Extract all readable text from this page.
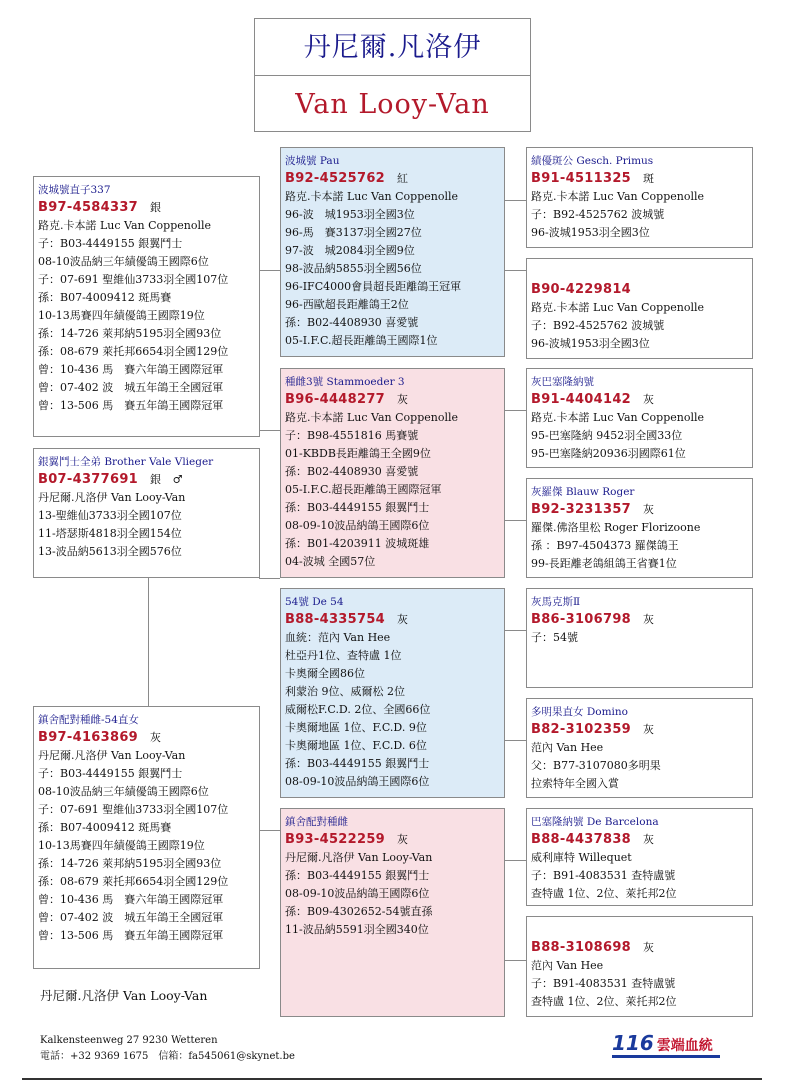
丹尼爾.凡洛伊
Van Looy-Van
波城號直子337
B97-4584337 銀
路克.卡本諾 Luc Van Coppenolle
子：B03-4449155 銀翼鬥士
08-10波品納三年績優鴿王國際6位
子：07-691 聖維仙3733羽全國107位
孫：B07-4009412 斑馬賽
10-13馬賽四年績優鴿王國際19位
孫：14-726 萊邦納5195羽全國93位
孫：08-679 萊托邦6654羽全國129位
曾：10-436 馬　賽六年鴿王國際冠軍
曾：07-402 波　城五年鴿王全國冠軍
曾：13-506 馬　賽五年鴿王國際冠軍
銀翼鬥士全弟 Brother Vale Vlieger
B07-4377691 銀　♂
丹尼爾.凡洛伊 Van Looy-Van
13-聖維仙3733羽全國107位
11-塔瑟斯4818羽全國154位
13-波品納5613羽全國576位
鎮舍配對種雌-54直女
B97-4163869 灰
丹尼爾.凡洛伊 Van Looy-Van
子：B03-4449155 銀翼鬥士
08-10波品納三年績優鴿王國際6位
子：07-691 聖維仙3733羽全國107位
孫：B07-4009412 斑馬賽
10-13馬賽四年績優鴿王國際19位
孫：14-726 萊邦納5195羽全國93位
孫：08-679 萊托邦6654羽全國129位
曾：10-436 馬　賽六年鴿王國際冠軍
曾：07-402 波　城五年鴿王全國冠軍
曾：13-506 馬　賽五年鴿王國際冠軍
波城號 Pau
B92-4525762 紅
路克.卡本諾 Luc Van Coppenolle
96-波　城1953羽全國3位
96-馬　賽3137羽全國27位
97-波　城2084羽全國9位
98-波品納5855羽全國56位
96-IFC4000會員超長距離鴿王冠軍
96-西歐超長距離鴿王2位
孫：B02-4408930 喜愛號
05-I.F.C.超長距離鴿王國際1位
種雌3號 Stammoeder 3
B96-4448277 灰
路克.卡本諾 Luc Van Coppenolle
子：B98-4551816 馬賽號
01-KBDB長距離鴿王全國9位
孫：B02-4408930 喜愛號
05-I.F.C.超長距離鴿王國際冠軍
孫：B03-4449155 銀翼鬥士
08-09-10波品納鴿王國際6位
孫：B01-4203911 波城斑雄
04-波城 全國57位
54號 De 54
B88-4335754 灰
血統：范內 Van Hee
杜亞丹1位、查特盧 1位
卡奧爾全國86位
利蒙治 9位、威爾松 2位
威爾松F.C.D. 2位、全國66位
卡奧爾地區 1位、F.C.D. 9位
卡奧爾地區 1位、F.C.D. 6位
孫：B03-4449155 銀翼鬥士
08-09-10波品納鴿王國際6位
鎮舍配對種雌
B93-4522259 灰
丹尼爾.凡洛伊 Van Looy-Van
孫：B03-4449155 銀翼鬥士
08-09-10波品納鴿王國際6位
孫：B09-4302652-54號直孫
11-波品納5591羽全國340位
績優斑公 Gesch. Primus
B91-4511325 斑
路克.卡本諾 Luc Van Coppenolle
子：B92-4525762 波城號
96-波城1953羽全國3位

B90-4229814
路克.卡本諾 Luc Van Coppenolle
子：B92-4525762 波城號
96-波城1953羽全國3位
灰巴塞隆納號
B91-4404142 灰
路克.卡本諾 Luc Van Coppenolle
95-巴塞隆納 9452羽全國33位
95-巴塞隆納20936羽國際61位
灰羅傑 Blauw Roger
B92-3231357 灰
羅傑.佛洛里松 Roger Florizoone
孫 ：B97-4504373 羅傑鴿王
99-長距離老鴿組鴿王省賽1位
灰馬克斯Ⅱ
B86-3106798 灰
子：54號
多明果直女 Domino
B82-3102359 灰
范內 Van Hee
父：B77-3107080多明果
拉索特年全國入賞
巴塞隆納號 De Barcelona
B88-4437838 灰
威利庫特 Willequet
子：B91-4083531 查特盧號
查特盧 1位、2位、萊托邦2位

B88-3108698 灰
范內 Van Hee
子：B91-4083531 查特盧號
查特盧 1位、2位、萊托邦2位
丹尼爾.凡洛伊 Van Looy-Van
Kalkensteenweg 27 9230 Wetteren
電話：+32 9369 1675　信箱：fa545061@skynet.be
116 雲端血統
